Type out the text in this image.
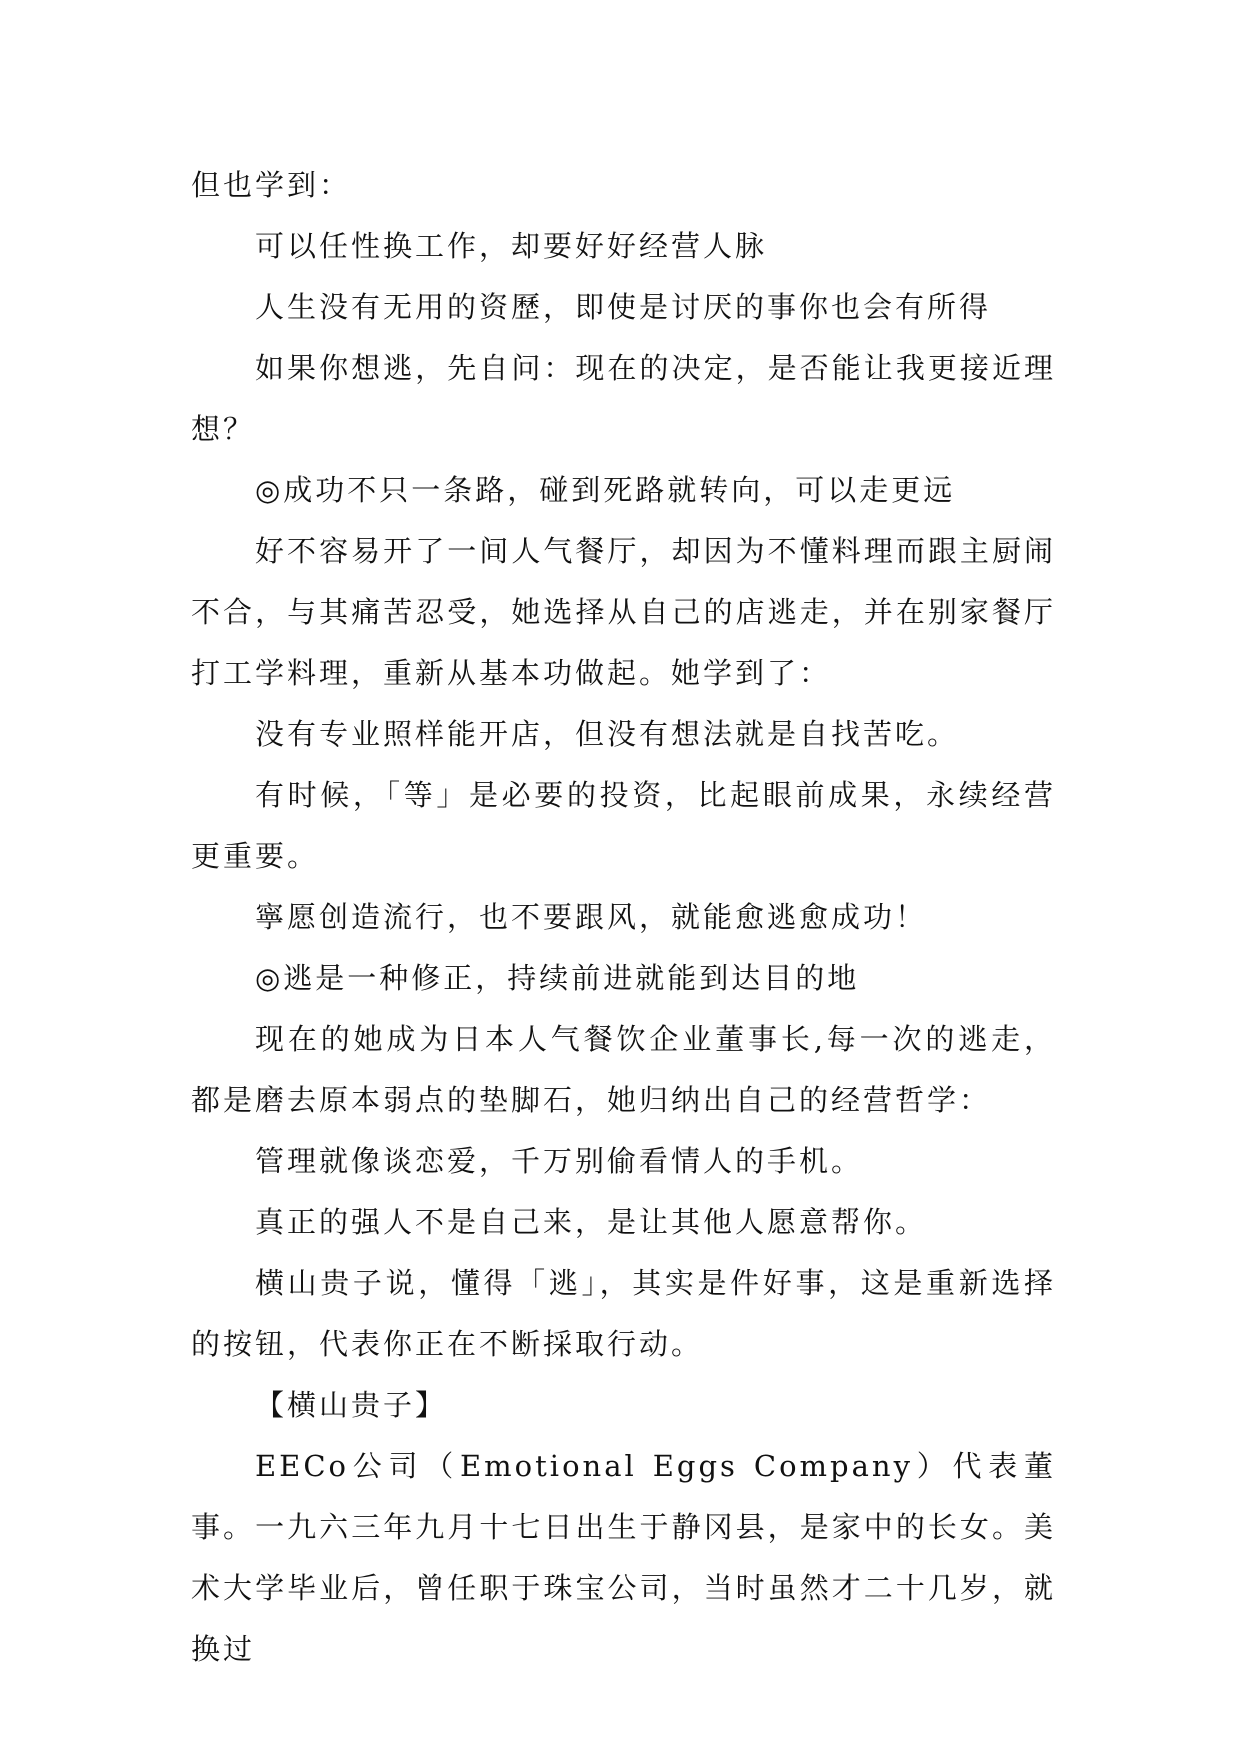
但也学到：

可以任性换工作，却要好好经营人脉

人生没有无用的资歷，即使是讨厌的事你也会有所得

如果你想逃，先自问：现在的决定，是否能让我更接近理想？

◎成功不只一条路，碰到死路就转向，可以走更远

好不容易开了一间人气餐厅，却因为不懂料理而跟主厨闹不合，与其痛苦忍受，她选择从自己的店逃走，并在别家餐厅打工学料理，重新从基本功做起。她学到了：

没有专业照样能开店，但没有想法就是自找苦吃。

有时候，「等」是必要的投资，比起眼前成果，永续经营更重要。

寧愿创造流行，也不要跟风，就能愈逃愈成功！

◎逃是一种修正，持续前进就能到达目的地

现在的她成为日本人气餐饮企业董事长,每一次的逃走，都是磨去原本弱点的垫脚石，她归纳出自己的经营哲学：

管理就像谈恋爱，千万别偷看情人的手机。

真正的强人不是自己来，是让其他人愿意帮你。

横山贵子说，懂得「逃」，其实是件好事，这是重新选择的按钮，代表你正在不断採取行动。

【横山贵子】

EECo公司（Emotional Eggs Company）代表董事。一九六三年九月十七日出生于静冈县，是家中的长女。美术大学毕业后，曾任职于珠宝公司，当时虽然才二十几岁，就换过
